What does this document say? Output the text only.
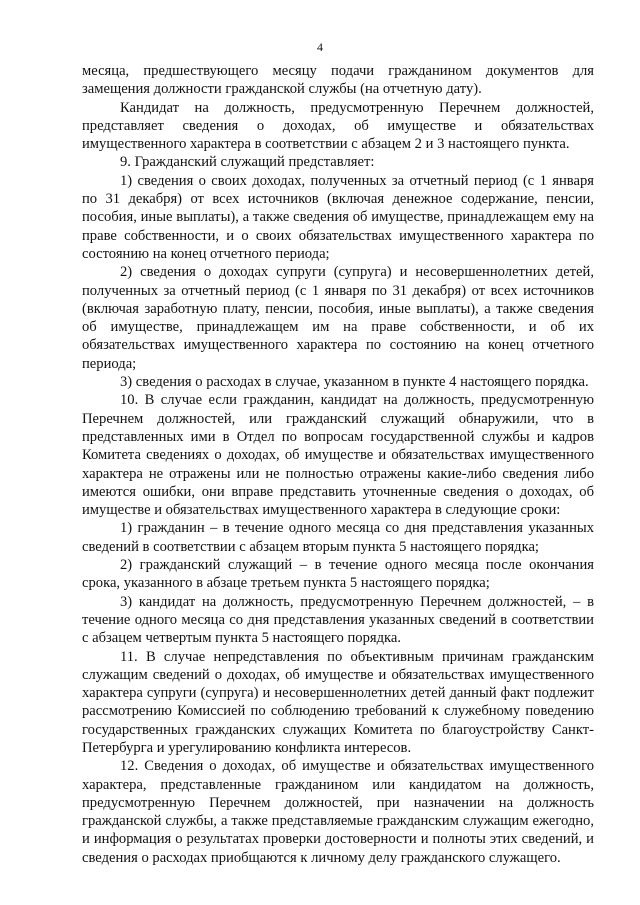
4

месяца, предшествующего месяцу подачи гражданином документов для замещения должности гражданской службы (на отчетную дату).

Кандидат на должность, предусмотренную Перечнем должностей, представляет сведения о доходах, об имуществе и обязательствах имущественного характера в соответствии с абзацем 2 и 3 настоящего пункта.

9. Гражданский служащий представляет:

1) сведения о своих доходах, полученных за отчетный период (с 1 января по 31 декабря) от всех источников (включая денежное содержание, пенсии, пособия, иные выплаты), а также сведения об имуществе, принадлежащем ему на праве собственности, и о своих обязательствах имущественного характера по состоянию на конец отчетного периода;

2) сведения о доходах супруги (супруга) и несовершеннолетних детей, полученных за отчетный период (с 1 января по 31 декабря) от всех источников (включая заработную плату, пенсии, пособия, иные выплаты), а также сведения об имуществе, принадлежащем им на праве собственности, и об их обязательствах имущественного характера по состоянию на конец отчетного периода;

3) сведения о расходах в случае, указанном в пункте 4 настоящего порядка.

10. В случае если гражданин, кандидат на должность, предусмотренную Перечнем должностей, или гражданский служащий обнаружили, что в представленных ими в Отдел по вопросам государственной службы и кадров Комитета сведениях о доходах, об имуществе и обязательствах имущественного характера не отражены или не полностью отражены какие-либо сведения либо имеются ошибки, они вправе представить уточненные сведения о доходах, об имуществе и обязательствах имущественного характера в следующие сроки:

1) гражданин – в течение одного месяца со дня представления указанных сведений в соответствии с абзацем вторым пункта 5 настоящего порядка;

2) гражданский служащий – в течение одного месяца после окончания срока, указанного в абзаце третьем пункта 5 настоящего порядка;

3) кандидат на должность, предусмотренную Перечнем должностей, – в течение одного месяца со дня представления указанных сведений в соответствии с абзацем четвертым пункта 5 настоящего порядка.

11. В случае непредставления по объективным причинам гражданским служащим сведений о доходах, об имуществе и обязательствах имущественного характера супруги (супруга) и несовершеннолетних детей данный факт подлежит рассмотрению Комиссией по соблюдению требований к служебному поведению государственных гражданских служащих Комитета по благоустройству Санкт-Петербурга и урегулированию конфликта интересов.

12. Сведения о доходах, об имуществе и обязательствах имущественного характера, представленные гражданином или кандидатом на должность, предусмотренную Перечнем должностей, при назначении на должность гражданской службы, а также представляемые гражданским служащим ежегодно, и информация о результатах проверки достоверности и полноты этих сведений, и сведения о расходах приобщаются к личному делу гражданского служащего.
